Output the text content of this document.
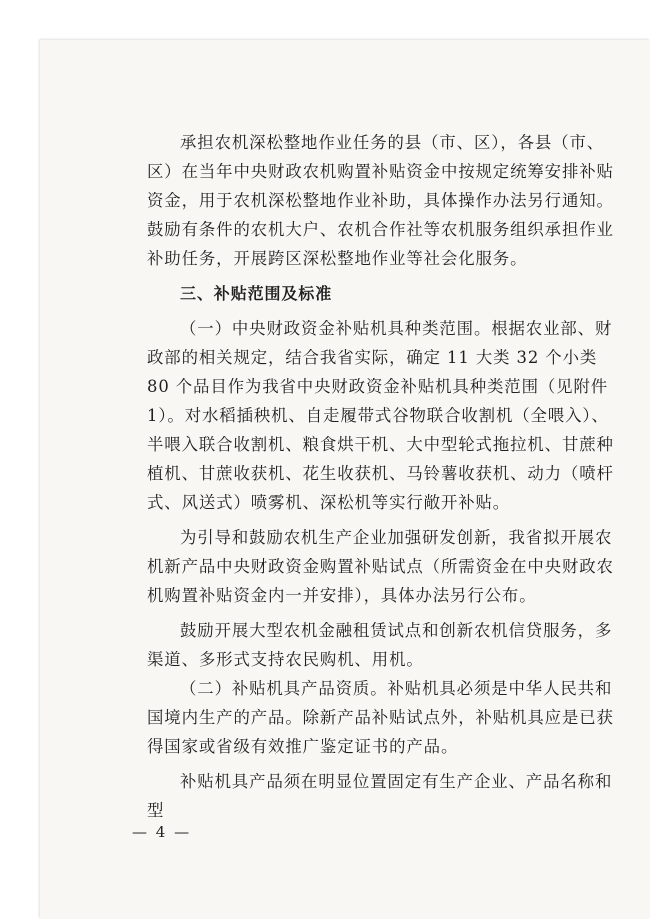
承担农机深松整地作业任务的县（市、区），各县（市、区）在当年中央财政农机购置补贴资金中按规定统筹安排补贴资金，用于农机深松整地作业补助，具体操作办法另行通知。鼓励有条件的农机大户、农机合作社等农机服务组织承担作业补助任务，开展跨区深松整地作业等社会化服务。

三、补贴范围及标准

（一）中央财政资金补贴机具种类范围。根据农业部、财政部的相关规定，结合我省实际，确定 11 大类 32 个小类 80 个品目作为我省中央财政资金补贴机具种类范围（见附件 1）。对水稻插秧机、自走履带式谷物联合收割机（全喂入）、半喂入联合收割机、粮食烘干机、大中型轮式拖拉机、甘蔗种植机、甘蔗收获机、花生收获机、马铃薯收获机、动力（喷杆式、风送式）喷雾机、深松机等实行敞开补贴。

为引导和鼓励农机生产企业加强研发创新，我省拟开展农机新产品中央财政资金购置补贴试点（所需资金在中央财政农机购置补贴资金内一并安排），具体办法另行公布。

鼓励开展大型农机金融租赁试点和创新农机信贷服务，多渠道、多形式支持农民购机、用机。

（二）补贴机具产品资质。补贴机具必须是中华人民共和国境内生产的产品。除新产品补贴试点外，补贴机具应是已获得国家或省级有效推广鉴定证书的产品。

补贴机具产品须在明显位置固定有生产企业、产品名称和型

— 4 —
